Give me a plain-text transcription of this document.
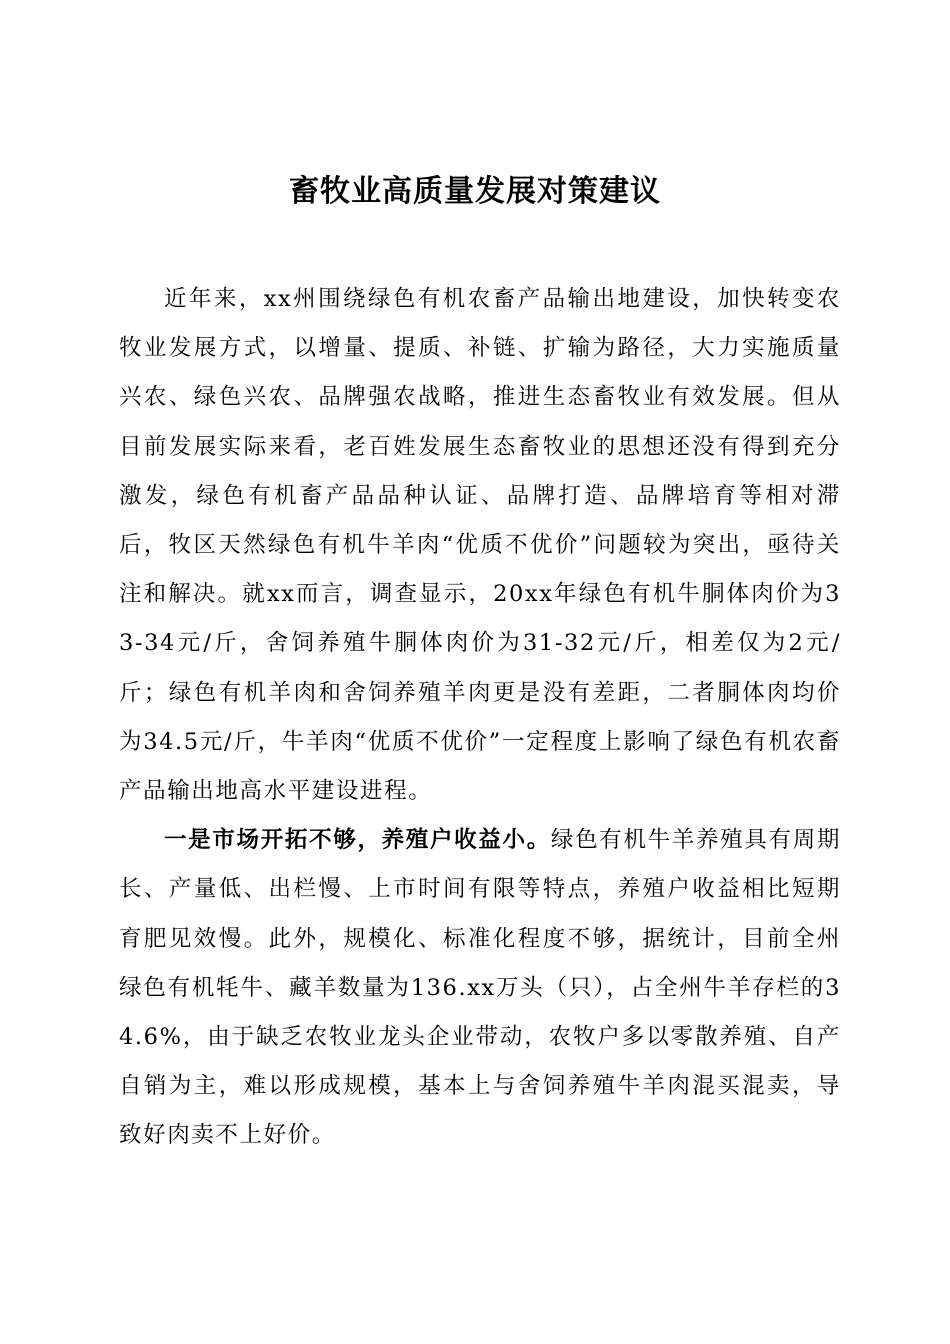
畜牧业高质量发展对策建议

近年来，xx州围绕绿色有机农畜产品输出地建设，加快转变农牧业发展方式，以增量、提质、补链、扩输为路径，大力实施质量兴农、绿色兴农、品牌强农战略，推进生态畜牧业有效发展。但从目前发展实际来看，老百姓发展生态畜牧业的思想还没有得到充分激发，绿色有机畜产品品种认证、品牌打造、品牌培育等相对滞后，牧区天然绿色有机牛羊肉“优质不优价”问题较为突出，亟待关注和解决。就xx而言，调查显示，20xx年绿色有机牛胴体肉价为33-34元/斤，舍饲养殖牛胴体肉价为31-32元/斤，相差仅为2元/斤；绿色有机羊肉和舍饲养殖羊肉更是没有差距，二者胴体肉均价为34.5元/斤，牛羊肉“优质不优价”一定程度上影响了绿色有机农畜产品输出地高水平建设进程。

一是市场开拓不够，养殖户收益小。绿色有机牛羊养殖具有周期长、产量低、出栏慢、上市时间有限等特点，养殖户收益相比短期育肥见效慢。此外，规模化、标准化程度不够，据统计，目前全州绿色有机牦牛、藏羊数量为136.xx万头（只），占全州牛羊存栏的34.6%，由于缺乏农牧业龙头企业带动，农牧户多以零散养殖、自产自销为主，难以形成规模，基本上与舍饲养殖牛羊肉混买混卖，导致好肉卖不上好价。
